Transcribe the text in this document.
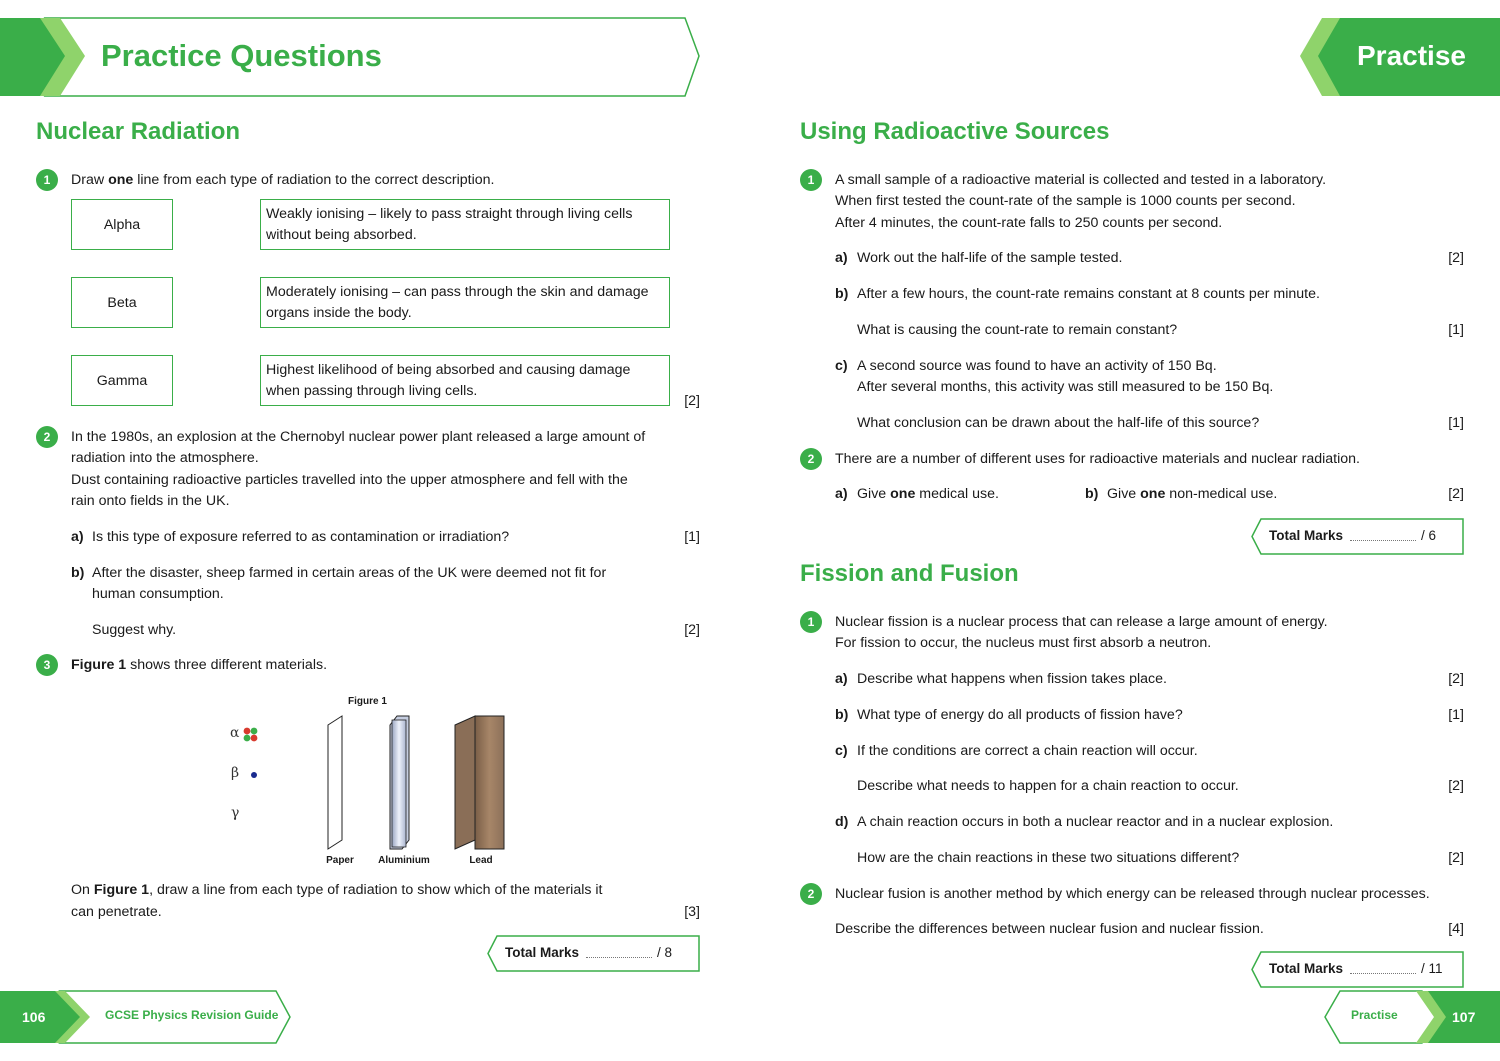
Practice Questions	Practise
Nuclear Radiation
1	Draw one line from each type of radiation to the correct description.
Alpha
Beta
Gamma
Weakly ionising – likely to pass straight through living cells without being absorbed.
Moderately ionising – can pass through the skin and damage organs inside the body.
Highest likelihood of being absorbed and causing damage when passing through living cells.
[2]
2	In the 1980s, an explosion at the Chernobyl nuclear power plant released a large amount of
radiation into the atmosphere.
Dust containing radioactive particles travelled into the upper atmosphere and fell with the
rain onto fields in the UK.
a) Is this type of exposure referred to as contamination or irradiation?	[1]
b) After the disaster, sheep farmed in certain areas of the UK were deemed not fit for
human consumption.
Suggest why.	[2]
3	Figure 1 shows three different materials.
Figure 1
α
β
γ
Paper	Aluminium	Lead
On Figure 1, draw a line from each type of radiation to show which of the materials it
can penetrate.	[3]
Total Marks	/ 8
Using Radioactive Sources
1	A small sample of a radioactive material is collected and tested in a laboratory.
When first tested the count-rate of the sample is 1000 counts per second.
After 4 minutes, the count-rate falls to 250 counts per second.
a) Work out the half-life of the sample tested.	[2]
b) After a few hours, the count-rate remains constant at 8 counts per minute.
What is causing the count-rate to remain constant?	[1]
c) A second source was found to have an activity of 150 Bq.
After several months, this activity was still measured to be 150 Bq.
What conclusion can be drawn about the half-life of this source?	[1]
2	There are a number of different uses for radioactive materials and nuclear radiation.
a) Give one medical use.	b) Give one non-medical use.	[2]
Total Marks	/ 6
Fission and Fusion
1	Nuclear fission is a nuclear process that can release a large amount of energy.
For fission to occur, the nucleus must first absorb a neutron.
a) Describe what happens when fission takes place.	[2]
b) What type of energy do all products of fission have?	[1]
c) If the conditions are correct a chain reaction will occur.
Describe what needs to happen for a chain reaction to occur.	[2]
d) A chain reaction occurs in both a nuclear reactor and in a nuclear explosion.
How are the chain reactions in these two situations different?	[2]
2	Nuclear fusion is another method by which energy can be released through nuclear processes.
Describe the differences between nuclear fusion and nuclear fission.	[4]
Total Marks	/ 11
106	GCSE Physics Revision Guide	Practise	107
